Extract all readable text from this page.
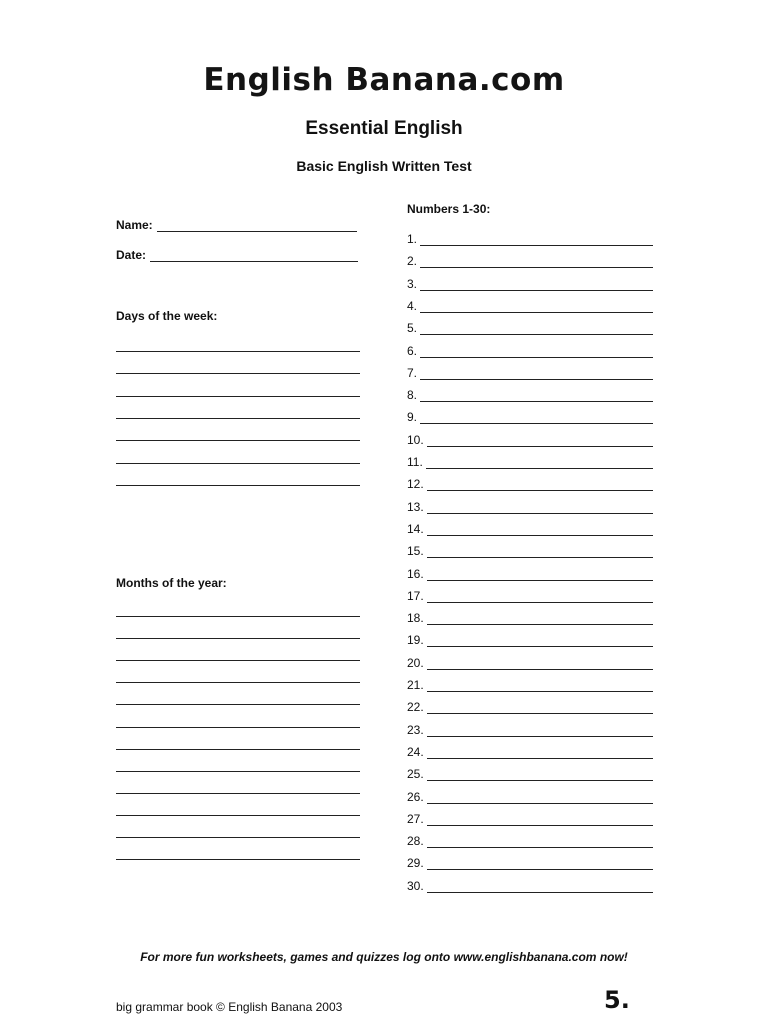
English Banana.com
Essential English
Basic English Written Test
Name:
Date:
Days of the week:
Months of the year:
Numbers 1-30:
1.
2.
3.
4.
5.
6.
7.
8.
9.
10.
11.
12.
13.
14.
15.
16.
17.
18.
19.
20.
21.
22.
23.
24.
25.
26.
27.
28.
29.
30.
For more fun worksheets, games and quizzes log onto www.englishbanana.com now!
big grammar book © English Banana 2003	5.
